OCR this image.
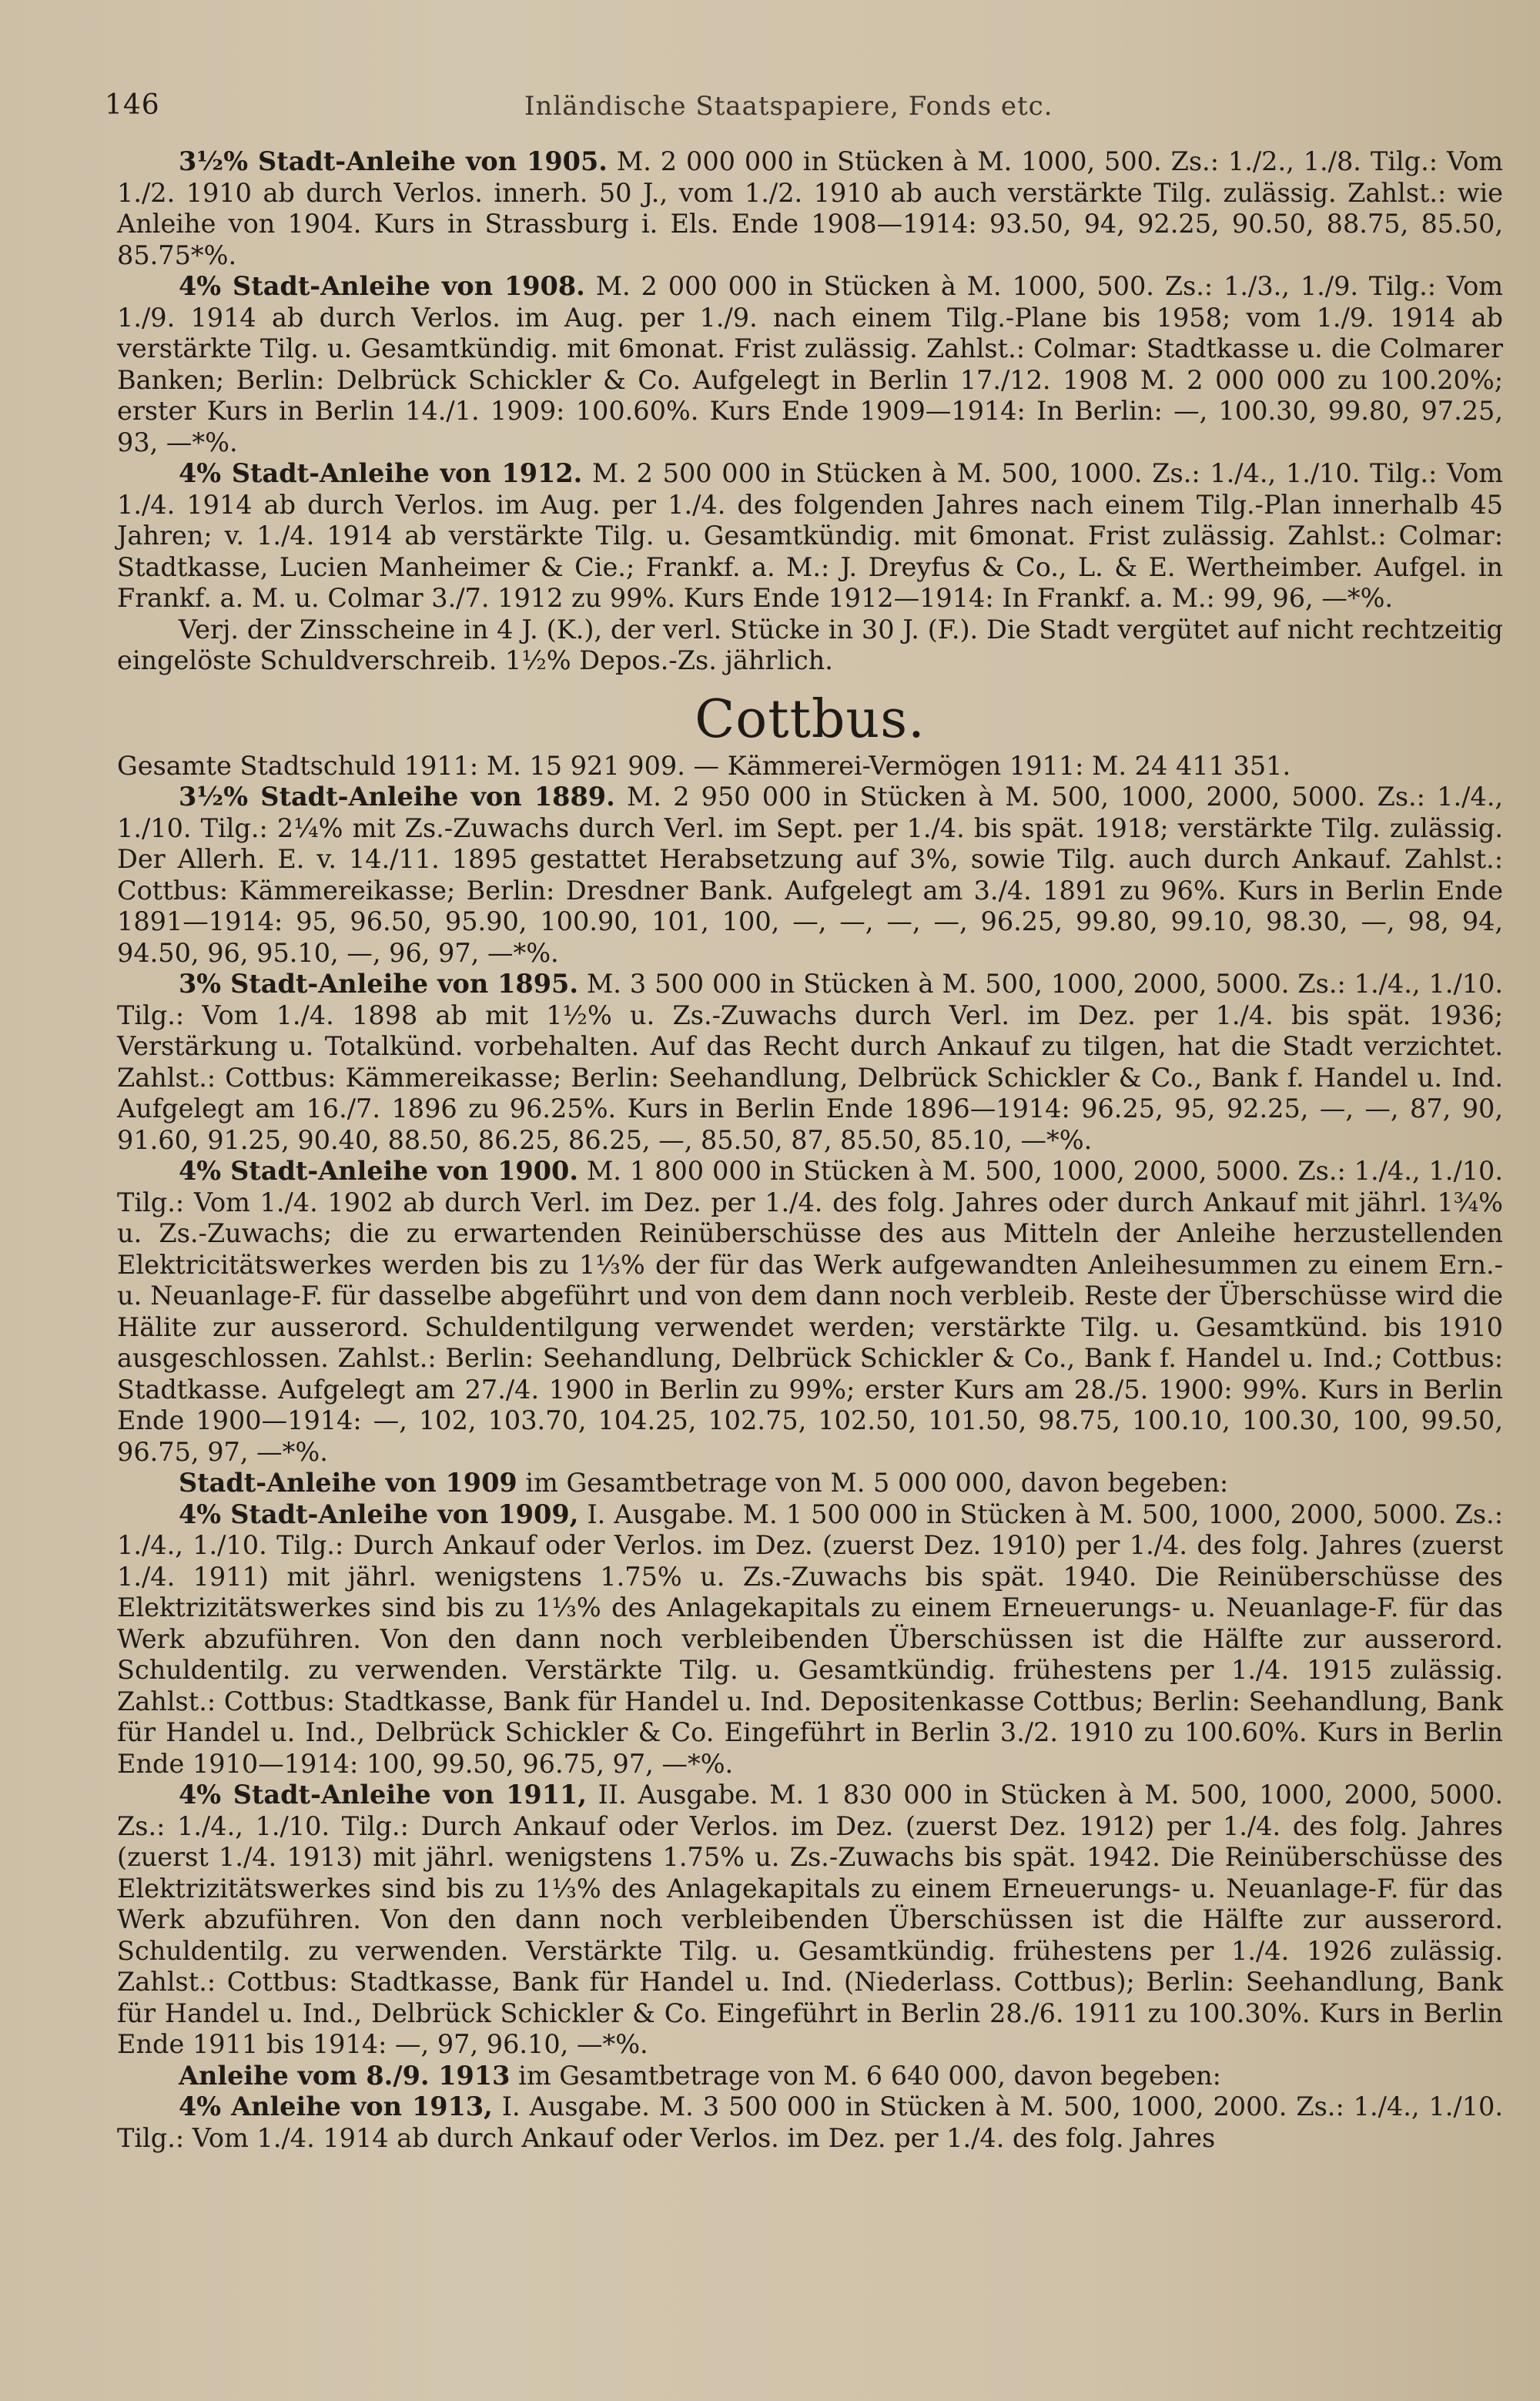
146	Inländische Staatspapiere, Fonds etc.

3½% Stadt-Anleihe von 1905. M. 2 000 000 in Stücken à M. 1000, 500. Zs.: 1./2., 1./8. Tilg.: Vom 1./2. 1910 ab durch Verlos. innerh. 50 J., vom 1./2. 1910 ab auch verstärkte Tilg. zulässig. Zahlst.: wie Anleihe von 1904. Kurs in Strassburg i. Els. Ende 1908—1914: 93.50, 94, 92.25, 90.50, 88.75, 85.50, 85.75*%.

4% Stadt-Anleihe von 1908. M. 2 000 000 in Stücken à M. 1000, 500. Zs.: 1./3., 1./9. Tilg.: Vom 1./9. 1914 ab durch Verlos. im Aug. per 1./9. nach einem Tilg.-Plane bis 1958; vom 1./9. 1914 ab verstärkte Tilg. u. Gesamtkündig. mit 6monat. Frist zulässig. Zahlst.: Colmar: Stadtkasse u. die Colmarer Banken; Berlin: Delbrück Schickler & Co. Aufgelegt in Berlin 17./12. 1908 M. 2 000 000 zu 100.20%; erster Kurs in Berlin 14./1. 1909: 100.60%. Kurs Ende 1909—1914: In Berlin: —, 100.30, 99.80, 97.25, 93, —*%.

4% Stadt-Anleihe von 1912. M. 2 500 000 in Stücken à M. 500, 1000. Zs.: 1./4., 1./10. Tilg.: Vom 1./4. 1914 ab durch Verlos. im Aug. per 1./4. des folgenden Jahres nach einem Tilg.-Plan innerhalb 45 Jahren; v. 1./4. 1914 ab verstärkte Tilg. u. Gesamtkündig. mit 6monat. Frist zulässig. Zahlst.: Colmar: Stadtkasse, Lucien Manheimer & Cie.; Frankf. a. M.: J. Dreyfus & Co., L. & E. Wertheimber. Aufgel. in Frankf. a. M. u. Colmar 3./7. 1912 zu 99%. Kurs Ende 1912—1914: In Frankf. a. M.: 99, 96, —*%.

Verj. der Zinsscheine in 4 J. (K.), der verl. Stücke in 30 J. (F.). Die Stadt vergütet auf nicht rechtzeitig eingelöste Schuldverschreib. 1½% Depos.-Zs. jährlich.

Cottbus.

Gesamte Stadtschuld 1911: M. 15 921 909. — Kämmerei-Vermögen 1911: M. 24 411 351.

3½% Stadt-Anleihe von 1889. M. 2 950 000 in Stücken à M. 500, 1000, 2000, 5000. Zs.: 1./4., 1./10. Tilg.: 2¼% mit Zs.-Zuwachs durch Verl. im Sept. per 1./4. bis spät. 1918; verstärkte Tilg. zulässig. Der Allerh. E. v. 14./11. 1895 gestattet Herabsetzung auf 3%, sowie Tilg. auch durch Ankauf. Zahlst.: Cottbus: Kämmereikasse; Berlin: Dresdner Bank. Aufgelegt am 3./4. 1891 zu 96%. Kurs in Berlin Ende 1891—1914: 95, 96.50, 95.90, 100.90, 101, 100, —, —, —, —, 96.25, 99.80, 99.10, 98.30, —, 98, 94, 94.50, 96, 95.10, —, 96, 97, —*%.

3% Stadt-Anleihe von 1895. M. 3 500 000 in Stücken à M. 500, 1000, 2000, 5000. Zs.: 1./4., 1./10. Tilg.: Vom 1./4. 1898 ab mit 1½% u. Zs.-Zuwachs durch Verl. im Dez. per 1./4. bis spät. 1936; Verstärkung u. Totalkünd. vorbehalten. Auf das Recht durch Ankauf zu tilgen, hat die Stadt verzichtet. Zahlst.: Cottbus: Kämmereikasse; Berlin: Seehandlung, Delbrück Schickler & Co., Bank f. Handel u. Ind. Aufgelegt am 16./7. 1896 zu 96.25%. Kurs in Berlin Ende 1896—1914: 96.25, 95, 92.25, —, —, 87, 90, 91.60, 91.25, 90.40, 88.50, 86.25, 86.25, —, 85.50, 87, 85.50, 85.10, —*%.

4% Stadt-Anleihe von 1900. M. 1 800 000 in Stücken à M. 500, 1000, 2000, 5000. Zs.: 1./4., 1./10. Tilg.: Vom 1./4. 1902 ab durch Verl. im Dez. per 1./4. des folg. Jahres oder durch Ankauf mit jährl. 1¾% u. Zs.-Zuwachs; die zu erwartenden Reinüberschüsse des aus Mitteln der Anleihe herzustellenden Elektricitätswerkes werden bis zu 1⅓% der für das Werk aufgewandten Anleihesummen zu einem Ern.- u. Neuanlage-F. für dasselbe abgeführt und von dem dann noch verbleib. Reste der Überschüsse wird die Hälite zur ausserord. Schuldentilgung verwendet werden; verstärkte Tilg. u. Gesamtkünd. bis 1910 ausgeschlossen. Zahlst.: Berlin: Seehandlung, Delbrück Schickler & Co., Bank f. Handel u. Ind.; Cottbus: Stadtkasse. Aufgelegt am 27./4. 1900 in Berlin zu 99%; erster Kurs am 28./5. 1900: 99%. Kurs in Berlin Ende 1900—1914: —, 102, 103.70, 104.25, 102.75, 102.50, 101.50, 98.75, 100.10, 100.30, 100, 99.50, 96.75, 97, —*%.

Stadt-Anleihe von 1909 im Gesamtbetrage von M. 5 000 000, davon begeben:

4% Stadt-Anleihe von 1909, I. Ausgabe. M. 1 500 000 in Stücken à M. 500, 1000, 2000, 5000. Zs.: 1./4., 1./10. Tilg.: Durch Ankauf oder Verlos. im Dez. (zuerst Dez. 1910) per 1./4. des folg. Jahres (zuerst 1./4. 1911) mit jährl. wenigstens 1.75% u. Zs.-Zuwachs bis spät. 1940. Die Reinüberschüsse des Elektrizitätswerkes sind bis zu 1⅓% des Anlagekapitals zu einem Erneuerungs- u. Neuanlage-F. für das Werk abzuführen. Von den dann noch verbleibenden Überschüssen ist die Hälfte zur ausserord. Schuldentilg. zu verwenden. Verstärkte Tilg. u. Gesamtkündig. frühestens per 1./4. 1915 zulässig. Zahlst.: Cottbus: Stadtkasse, Bank für Handel u. Ind. Depositenkasse Cottbus; Berlin: Seehandlung, Bank für Handel u. Ind., Delbrück Schickler & Co. Eingeführt in Berlin 3./2. 1910 zu 100.60%. Kurs in Berlin Ende 1910—1914: 100, 99.50, 96.75, 97, —*%.

4% Stadt-Anleihe von 1911, II. Ausgabe. M. 1 830 000 in Stücken à M. 500, 1000, 2000, 5000. Zs.: 1./4., 1./10. Tilg.: Durch Ankauf oder Verlos. im Dez. (zuerst Dez. 1912) per 1./4. des folg. Jahres (zuerst 1./4. 1913) mit jährl. wenigstens 1.75% u. Zs.-Zuwachs bis spät. 1942. Die Reinüberschüsse des Elektrizitätswerkes sind bis zu 1⅓% des Anlagekapitals zu einem Erneuerungs- u. Neuanlage-F. für das Werk abzuführen. Von den dann noch verbleibenden Überschüssen ist die Hälfte zur ausserord. Schuldentilg. zu verwenden. Verstärkte Tilg. u. Gesamtkündig. frühestens per 1./4. 1926 zulässig. Zahlst.: Cottbus: Stadtkasse, Bank für Handel u. Ind. (Niederlass. Cottbus); Berlin: Seehandlung, Bank für Handel u. Ind., Delbrück Schickler & Co. Eingeführt in Berlin 28./6. 1911 zu 100.30%. Kurs in Berlin Ende 1911 bis 1914: —, 97, 96.10, —*%.

Anleihe vom 8./9. 1913 im Gesamtbetrage von M. 6 640 000, davon begeben:

4% Anleihe von 1913, I. Ausgabe. M. 3 500 000 in Stücken à M. 500, 1000, 2000. Zs.: 1./4., 1./10. Tilg.: Vom 1./4. 1914 ab durch Ankauf oder Verlos. im Dez. per 1./4. des folg. Jahres
